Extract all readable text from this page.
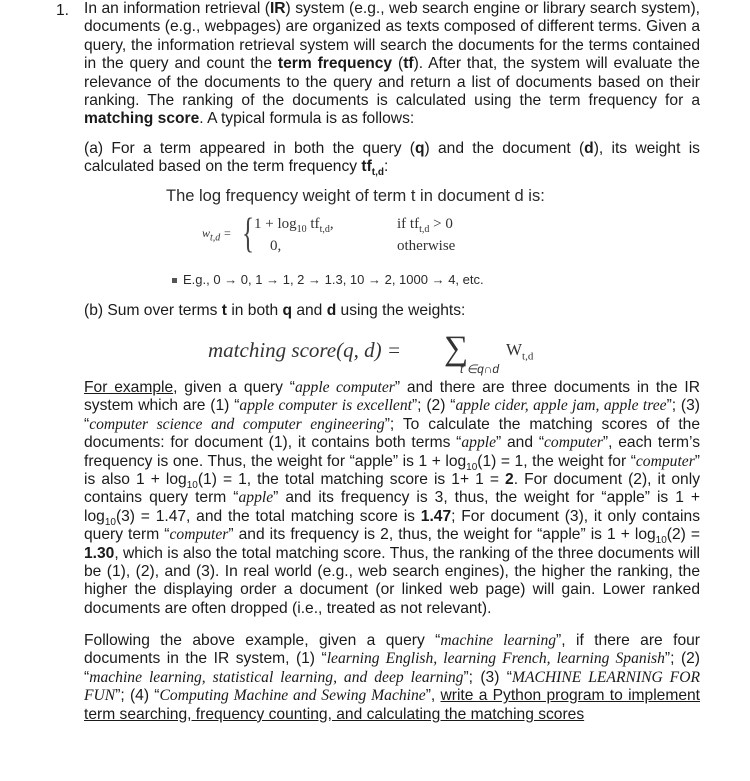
1. In an information retrieval (IR) system (e.g., web search engine or library search system), documents (e.g., webpages) are organized as texts composed of different terms. Given a query, the information retrieval system will search the documents for the terms contained in the query and count the term frequency (tf). After that, the system will evaluate the relevance of the documents to the query and return a list of documents based on their ranking. The ranking of the documents is calculated using the term frequency for a matching score. A typical formula is as follows:
(a) For a term appeared in both the query (q) and the document (d), its weight is calculated based on the term frequency $tf_{t,d}$:
The log frequency weight of term t in document d is:
$w_{t,d}$ = { $1 + \log_{10} tf_{t,d}$,
0,
if $tf_{t,d} > 0$
otherwise
E.g., 0 → 0, 1 → 1, 2 → 1.3, 10 → 2, 1000 → 4, etc.
(b) Sum over terms t in both q and d using the weights:
matching score(q, d) = ∑
t ∈q∩d
$W_{t,d}$
For example, given a query “apple computer” and there are three documents in the IR system which are (1) “apple computer is excellent”; (2) “apple cider, apple jam, apple tree”; (3) “computer science and computer engineering”; To calculate the matching scores of the documents: for document (1), it contains both terms “apple” and “computer”, each term’s frequency is one. Thus, the weight for “apple” is $1 + \log_{10}(1) = 1$, the weight for “computer” is also $1 + \log_{10}(1) = 1$, the total matching score is 1+ 1 = 2. For document (2), it only contains query term “apple” and its frequency is 3, thus, the weight for “apple” is $1 + \log_{10}(3) = 1.47$, and the total matching score is 1.47; For document (3), it only contains query term “computer” and its frequency is 2, thus, the weight for “apple” is $1 + \log_{10}(2) = 1.30$, which is also the total matching score. Thus, the ranking of the three documents will be (1), (2), and (3). In real world (e.g., web search engines), the higher the ranking, the higher the displaying order a document (or linked web page) will gain. Lower ranked documents are often dropped (i.e., treated as not relevant).
Following the above example, given a query “machine learning”, if there are four documents in the IR system, (1) “learning English, learning French, learning Spanish”; (2) “machine learning, statistical learning, and deep learning”; (3) “MACHINE LEARNING FOR FUN”; (4) “Computing Machine and Sewing Machine”, write a Python program to implement term searching, frequency counting, and calculating the matching scores
